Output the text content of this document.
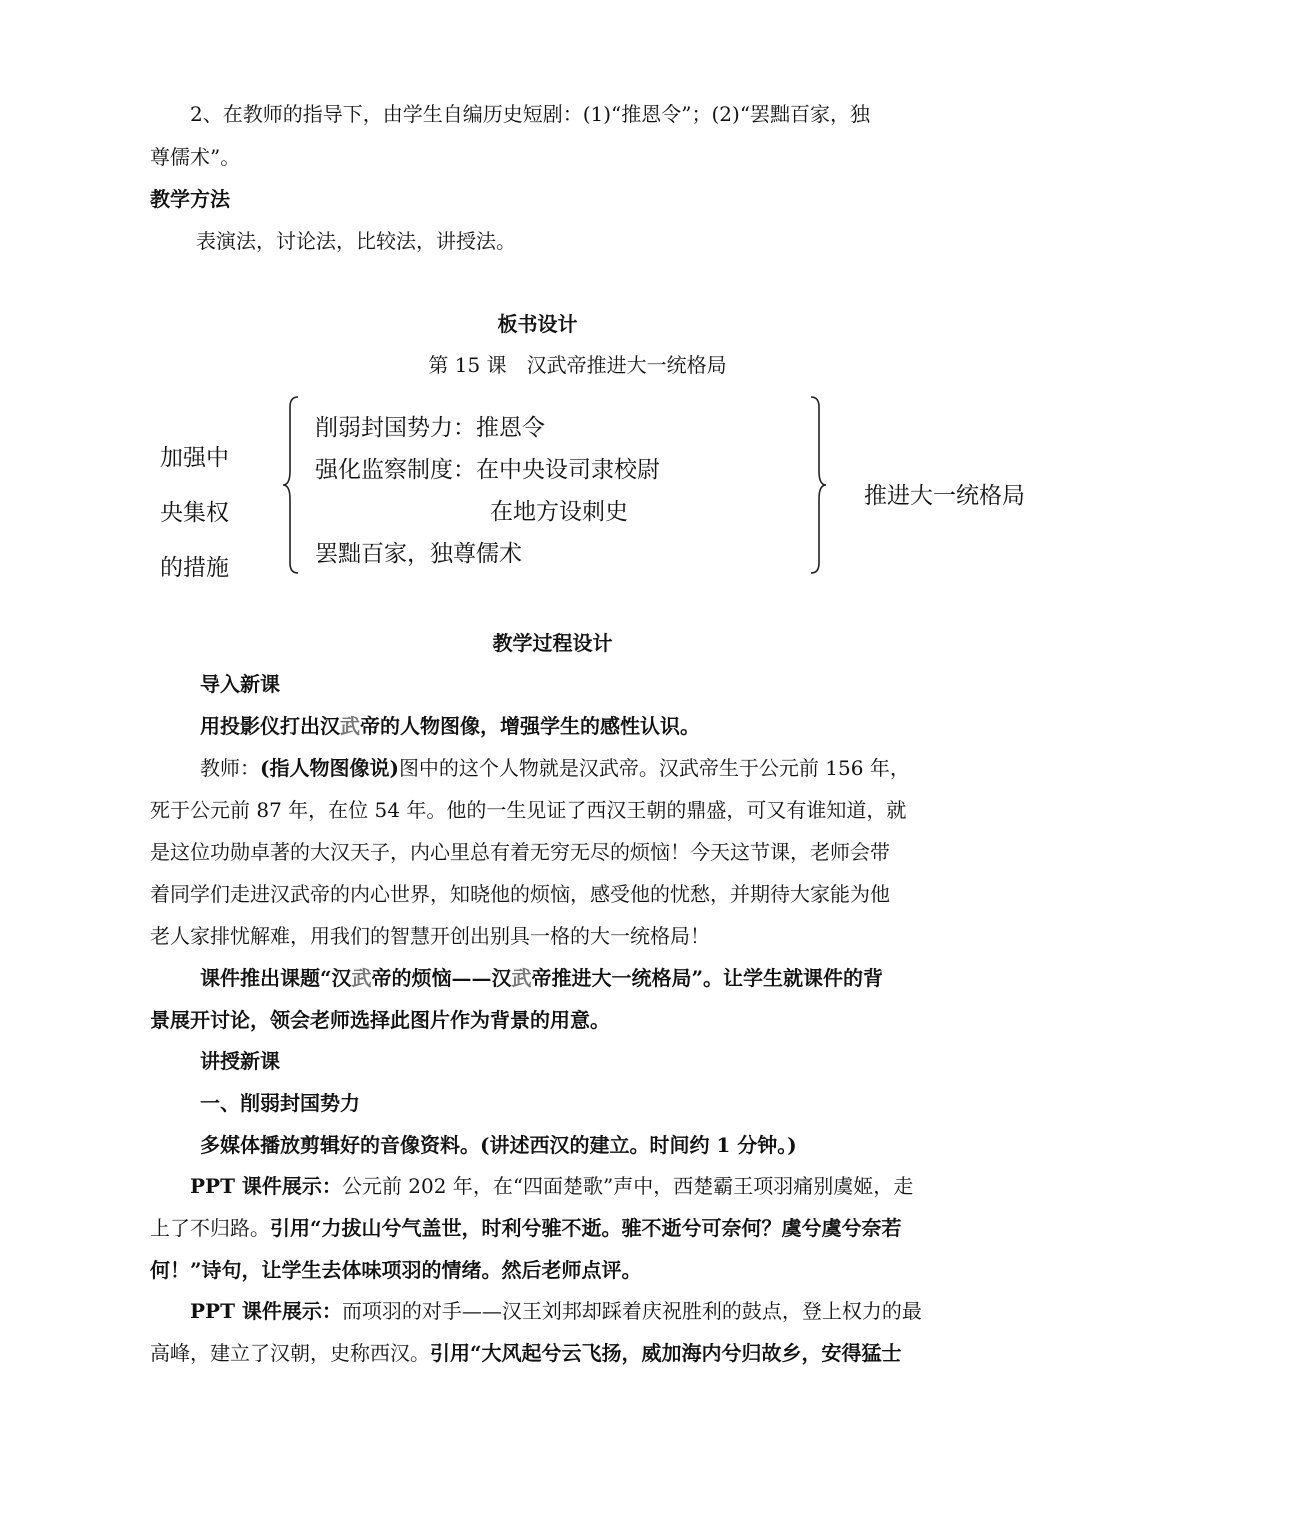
2、在教师的指导下，由学生自编历史短剧：(1)“推恩令”；(2)“罢黜百家，独
尊儒术”。
教学方法
表演法，讨论法，比较法，讲授法。
板书设计
第 15 课　汉武帝推进大一统格局
加强中
央集权
的措施
削弱封国势力：推恩令
强化监察制度：在中央设司隶校尉
在地方设刺史
罢黜百家，独尊儒术
推进大一统格局
教学过程设计
导入新课
用投影仪打出汉武帝的人物图像，增强学生的感性认识。
教师：(指人物图像说)图中的这个人物就是汉武帝。汉武帝生于公元前 156 年，
死于公元前 87 年，在位 54 年。他的一生见证了西汉王朝的鼎盛，可又有谁知道，就
是这位功勋卓著的大汉天子，内心里总有着无穷无尽的烦恼！今天这节课，老师会带
着同学们走进汉武帝的内心世界，知晓他的烦恼，感受他的忧愁，并期待大家能为他
老人家排忧解难，用我们的智慧开创出别具一格的大一统格局！
课件推出课题“汉武帝的烦恼——汉武帝推进大一统格局”。让学生就课件的背
景展开讨论，领会老师选择此图片作为背景的用意。
讲授新课
一、削弱封国势力
多媒体播放剪辑好的音像资料。(讲述西汉的建立。时间约 1 分钟。)
PPT 课件展示：公元前 202 年，在“四面楚歌”声中，西楚霸王项羽痛别虞姬，走
上了不归路。引用“力拔山兮气盖世，时利兮骓不逝。骓不逝兮可奈何？虞兮虞兮奈若
何！”诗句，让学生去体味项羽的情绪。然后老师点评。
PPT 课件展示：而项羽的对手——汉王刘邦却踩着庆祝胜利的鼓点，登上权力的最
高峰，建立了汉朝，史称西汉。引用“大风起兮云飞扬，威加海内兮归故乡，安得猛士
